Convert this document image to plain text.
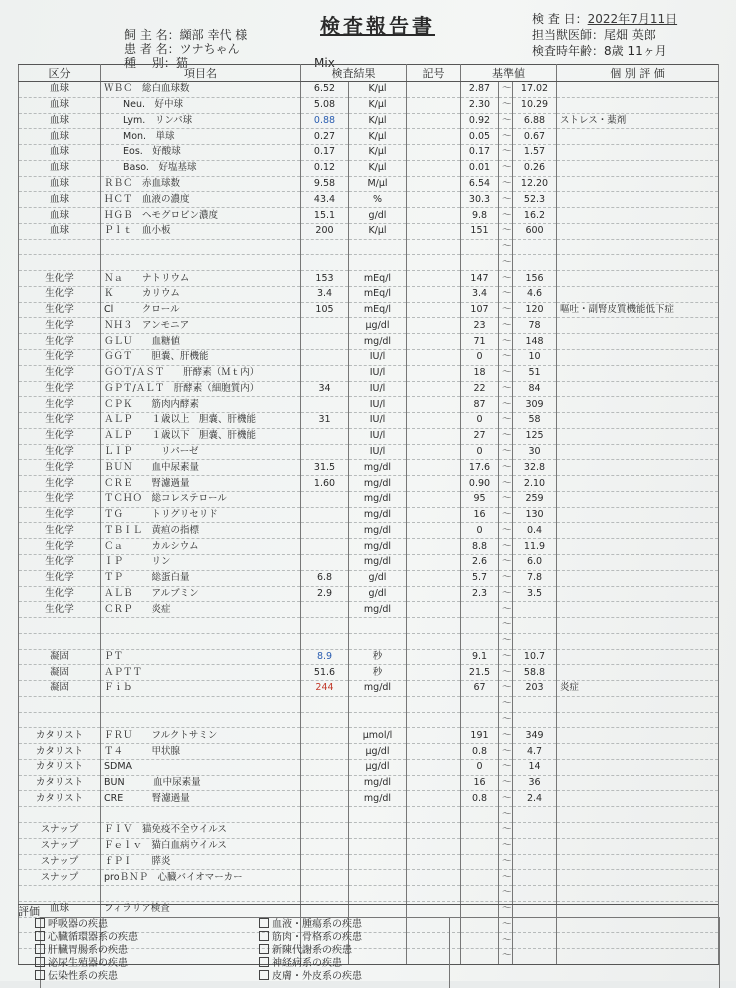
検査報告書
飼 主 名：纐部 幸代 様
患 者 名：ツナちゃん
種　 別：猫	Mix
検 査 日：2022年7月11日
担当獣医師：尾畑 英郎
検査時年齢：8歳 11ヶ月
区分	項目名	検査結果		記号	基準値			個 別 評 価
血球	ＷＢＣ　総白血球数	6.52	K/μl		2.87	～	17.02	
血球	　　Neu.　好中球	5.08	K/μl		2.30	～	10.29	
血球	　　Lym.　リンパ球	0.88	K/μl		0.92	～	6.88	ストレス・薬剤
血球	　　Mon.　単球	0.27	K/μl		0.05	～	0.67	
血球	　　Eos.　好酸球	0.17	K/μl		0.17	～	1.57	
血球	　　Baso.　好塩基球	0.12	K/μl		0.01	～	0.26	
血球	ＲＢＣ　赤血球数	9.58	M/μl		6.54	～	12.20	
血球	ＨＣＴ　血液の濃度	43.4	%		30.3	～	52.3	
血球	ＨＧＢ　ヘモグロビン濃度	15.1	g/dl		9.8	～	16.2	
血球	Ｐｌｔ　血小板	200	K/μl		151	～	600	
						～		
						～		
生化学	Ｎａ　　ナトリウム	153	mEq/l		147	～	156	
生化学	Ｋ　　　カリウム	3.4	mEq/l		3.4	～	4.6	
生化学	Cl　　　クロール	105	mEq/l		107	～	120	嘔吐・副腎皮質機能低下症
生化学	ＮＨ３　アンモニア		μg/dl		23	～	78	
生化学	ＧＬＵ　　血糖値		mg/dl		71	～	148	
生化学	ＧＧＴ　　胆嚢、肝機能		IU/l		0	～	10	
生化学	ＧＯＴ/ＡＳＴ　　肝酵素（Ｍｔ内）		IU/l		18	～	51	
生化学	ＧＰＴ/ＡＬＴ　肝酵素（細胞質内）	34	IU/l		22	～	84	
生化学	ＣＰＫ　　筋肉内酵素		IU/l		87	～	309	
生化学	ＡＬＰ　　１歳以上　胆嚢、肝機能	31	IU/l		0	～	58	
生化学	ＡＬＰ　　１歳以下　胆嚢、肝機能		IU/l		27	～	125	
生化学	ＬＩＰ　　　リパーゼ		IU/l		0	～	30	
生化学	ＢＵＮ　　血中尿素量	31.5	mg/dl		17.6	～	32.8	
生化学	ＣＲＥ　　腎濾過量	1.60	mg/dl		0.90	～	2.10	
生化学	ＴＣＨＯ　総コレステロール		mg/dl		95	～	259	
生化学	ＴＧ　　　トリグリセリド		mg/dl		16	～	130	
生化学	ＴＢＩＬ　黄疸の指標		mg/dl		0	～	0.4	
生化学	Ｃａ　　　カルシウム		mg/dl		8.8	～	11.9	
生化学	ＩＰ　　　リン		mg/dl		2.6	～	6.0	
生化学	ＴＰ　　　総蛋白量	6.8	g/dl		5.7	～	7.8	
生化学	ＡＬＢ　　アルブミン	2.9	g/dl		2.3	～	3.5	
生化学	ＣＲＰ　　炎症		mg/dl			～		
						～		
						～		
凝固	ＰＴ	8.9	秒		9.1	～	10.7	
凝固	ＡＰＴＴ	51.6	秒		21.5	～	58.8	
凝固	Ｆｉｂ	244	mg/dl		67	～	203	炎症
						～		
						～		
カタリスト	ＦＲＵ　　フルクトサミン		μmol/l		191	～	349	
カタリスト	Ｔ４　　　甲状腺		μg/dl		0.8	～	4.7	
カタリスト	SDMA		μg/dl		0	～	14	
カタリスト	BUN　　　血中尿素量		mg/dl		16	～	36	
カタリスト	CRE　　　腎濾過量		mg/dl		0.8	～	2.4	
						～		
スナップ	ＦＩＶ　猫免疫不全ウイルス					～		
スナップ	Ｆｅｌｖ　猫白血病ウイルス					～		
スナップ	ｆＰＩ　　膵炎					～		
スナップ	proＢＮＰ　心臓バイオマーカー					～		
						～		
血球	フィラリア検査					～		
						～		
						～		
						～		
評価
呼吸器の疾患
心臓循環器系の疾患
肝臓胃腸系の疾患
泌尿生殖器の疾患
伝染性系の疾患
血液・腫瘍系の疾患
筋肉・骨格系の疾患
新陳代謝系の疾患
神経病系の疾患
皮膚・外皮系の疾患
